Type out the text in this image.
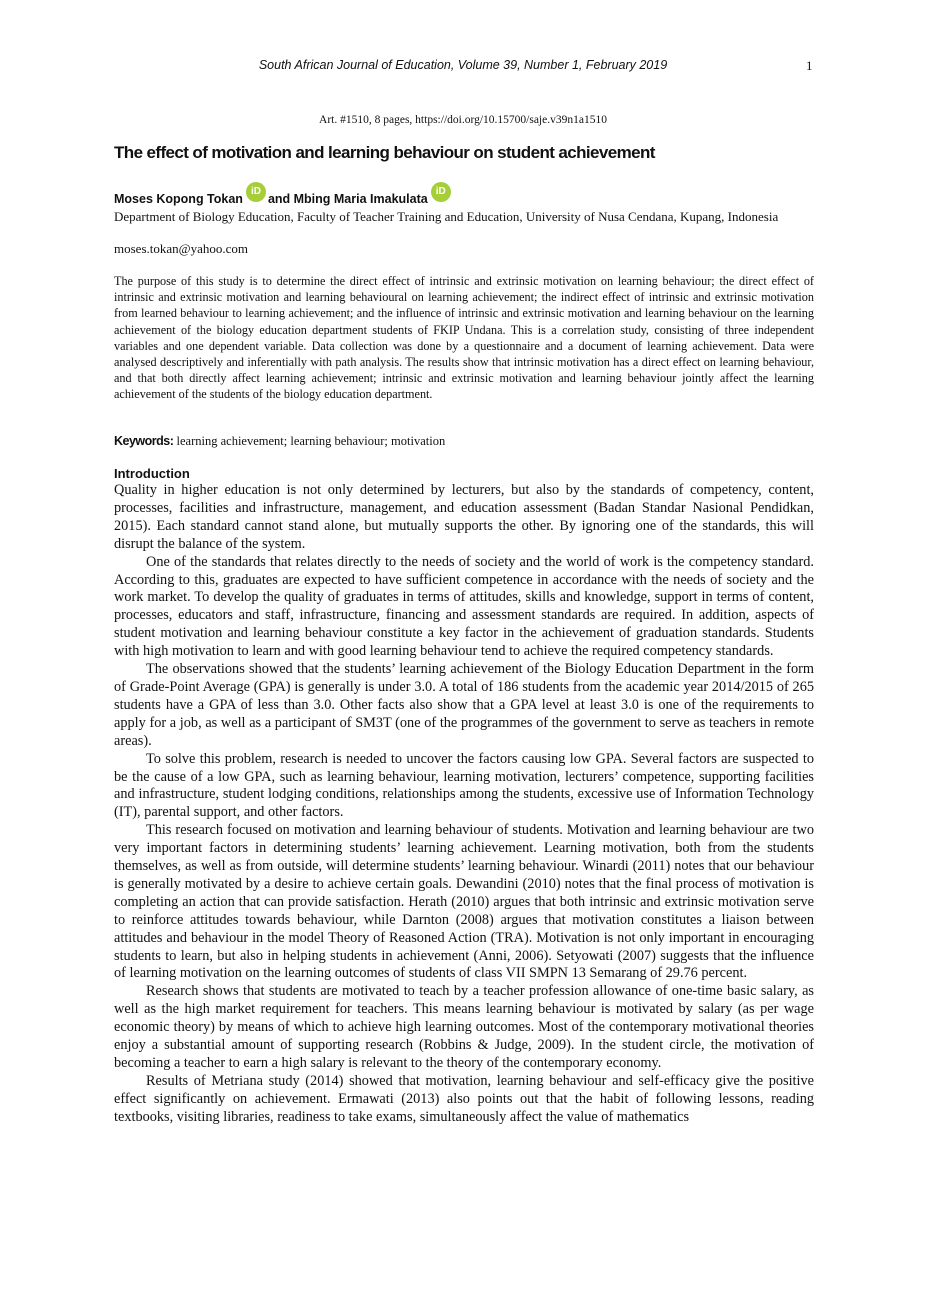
South African Journal of Education, Volume 39, Number 1, February 2019	1
Art. #1510, 8 pages, https://doi.org/10.15700/saje.v39n1a1510
The effect of motivation and learning behaviour on student achievement
Moses Kopong Tokan
iD
and Mbing Maria Imakulata
iD
Department of Biology Education, Faculty of Teacher Training and Education, University of Nusa Cendana, Kupang, Indonesia
moses.tokan@yahoo.com
The purpose of this study is to determine the direct effect of intrinsic and extrinsic motivation on learning behaviour; the direct effect of intrinsic and extrinsic motivation and learning behavioural on learning achievement; the indirect effect of intrinsic and extrinsic motivation from learned behaviour to learning achievement; and the influence of intrinsic and extrinsic motivation and learning behaviour on the learning achievement of the biology education department students of FKIP Undana. This is a correlation study, consisting of three independent variables and one dependent variable. Data collection was done by a questionnaire and a document of learning achievement. Data were analysed descriptively and inferentially with path analysis. The results show that intrinsic motivation has a direct effect on learning behaviour, and that both directly affect learning achievement; intrinsic and extrinsic motivation and learning behaviour jointly affect the learning achievement of the students of the biology education department.
Keywords: learning achievement; learning behaviour; motivation
Introduction

Quality in higher education is not only determined by lecturers, but also by the standards of competency, content, processes, facilities and infrastructure, management, and education assessment (Badan Standar Nasional Pendidkan, 2015). Each standard cannot stand alone, but mutually supports the other. By ignoring one of the standards, this will disrupt the balance of the system.

One of the standards that relates directly to the needs of society and the world of work is the competency standard. According to this, graduates are expected to have sufficient competence in accordance with the needs of society and the work market. To develop the quality of graduates in terms of attitudes, skills and knowledge, support in terms of content, processes, educators and staff, infrastructure, financing and assessment standards are required. In addition, aspects of student motivation and learning behaviour constitute a key factor in the achievement of graduation standards. Students with high motivation to learn and with good learning behaviour tend to achieve the required competency standards.

The observations showed that the students’ learning achievement of the Biology Education Department in the form of Grade-Point Average (GPA) is generally is under 3.0. A total of 186 students from the academic year 2014/2015 of 265 students have a GPA of less than 3.0. Other facts also show that a GPA level at least 3.0 is one of the requirements to apply for a job, as well as a participant of SM3T (one of the programmes of the government to serve as teachers in remote areas).

To solve this problem, research is needed to uncover the factors causing low GPA. Several factors are suspected to be the cause of a low GPA, such as learning behaviour, learning motivation, lecturers’ competence, supporting facilities and infrastructure, student lodging conditions, relationships among the students, excessive use of Information Technology (IT), parental support, and other factors.

This research focused on motivation and learning behaviour of students. Motivation and learning behaviour are two very important factors in determining students’ learning achievement. Learning motivation, both from the students themselves, as well as from outside, will determine students’ learning behaviour. Winardi (2011) notes that our behaviour is generally motivated by a desire to achieve certain goals. Dewandini (2010) notes that the final process of motivation is completing an action that can provide satisfaction. Herath (2010) argues that both intrinsic and extrinsic motivation serve to reinforce attitudes towards behaviour, while Darnton (2008) argues that motivation constitutes a liaison between attitudes and behaviour in the model Theory of Reasoned Action (TRA). Motivation is not only important in encouraging students to learn, but also in helping students in achievement (Anni, 2006). Setyowati (2007) suggests that the influence of learning motivation on the learning outcomes of students of class VII SMPN 13 Semarang of 29.76 percent.

Research shows that students are motivated to teach by a teacher profession allowance of one-time basic salary, as well as the high market requirement for teachers. This means learning behaviour is motivated by salary (as per wage economic theory) by means of which to achieve high learning outcomes. Most of the contemporary motivational theories enjoy a substantial amount of supporting research (Robbins & Judge, 2009). In the student circle, the motivation of becoming a teacher to earn a high salary is relevant to the theory of the contemporary economy.

Results of Metriana study (2014) showed that motivation, learning behaviour and self-efficacy give the positive effect significantly on achievement. Ermawati (2013) also points out that the habit of following lessons, reading textbooks, visiting libraries, readiness to take exams, simultaneously affect the value of mathematics
